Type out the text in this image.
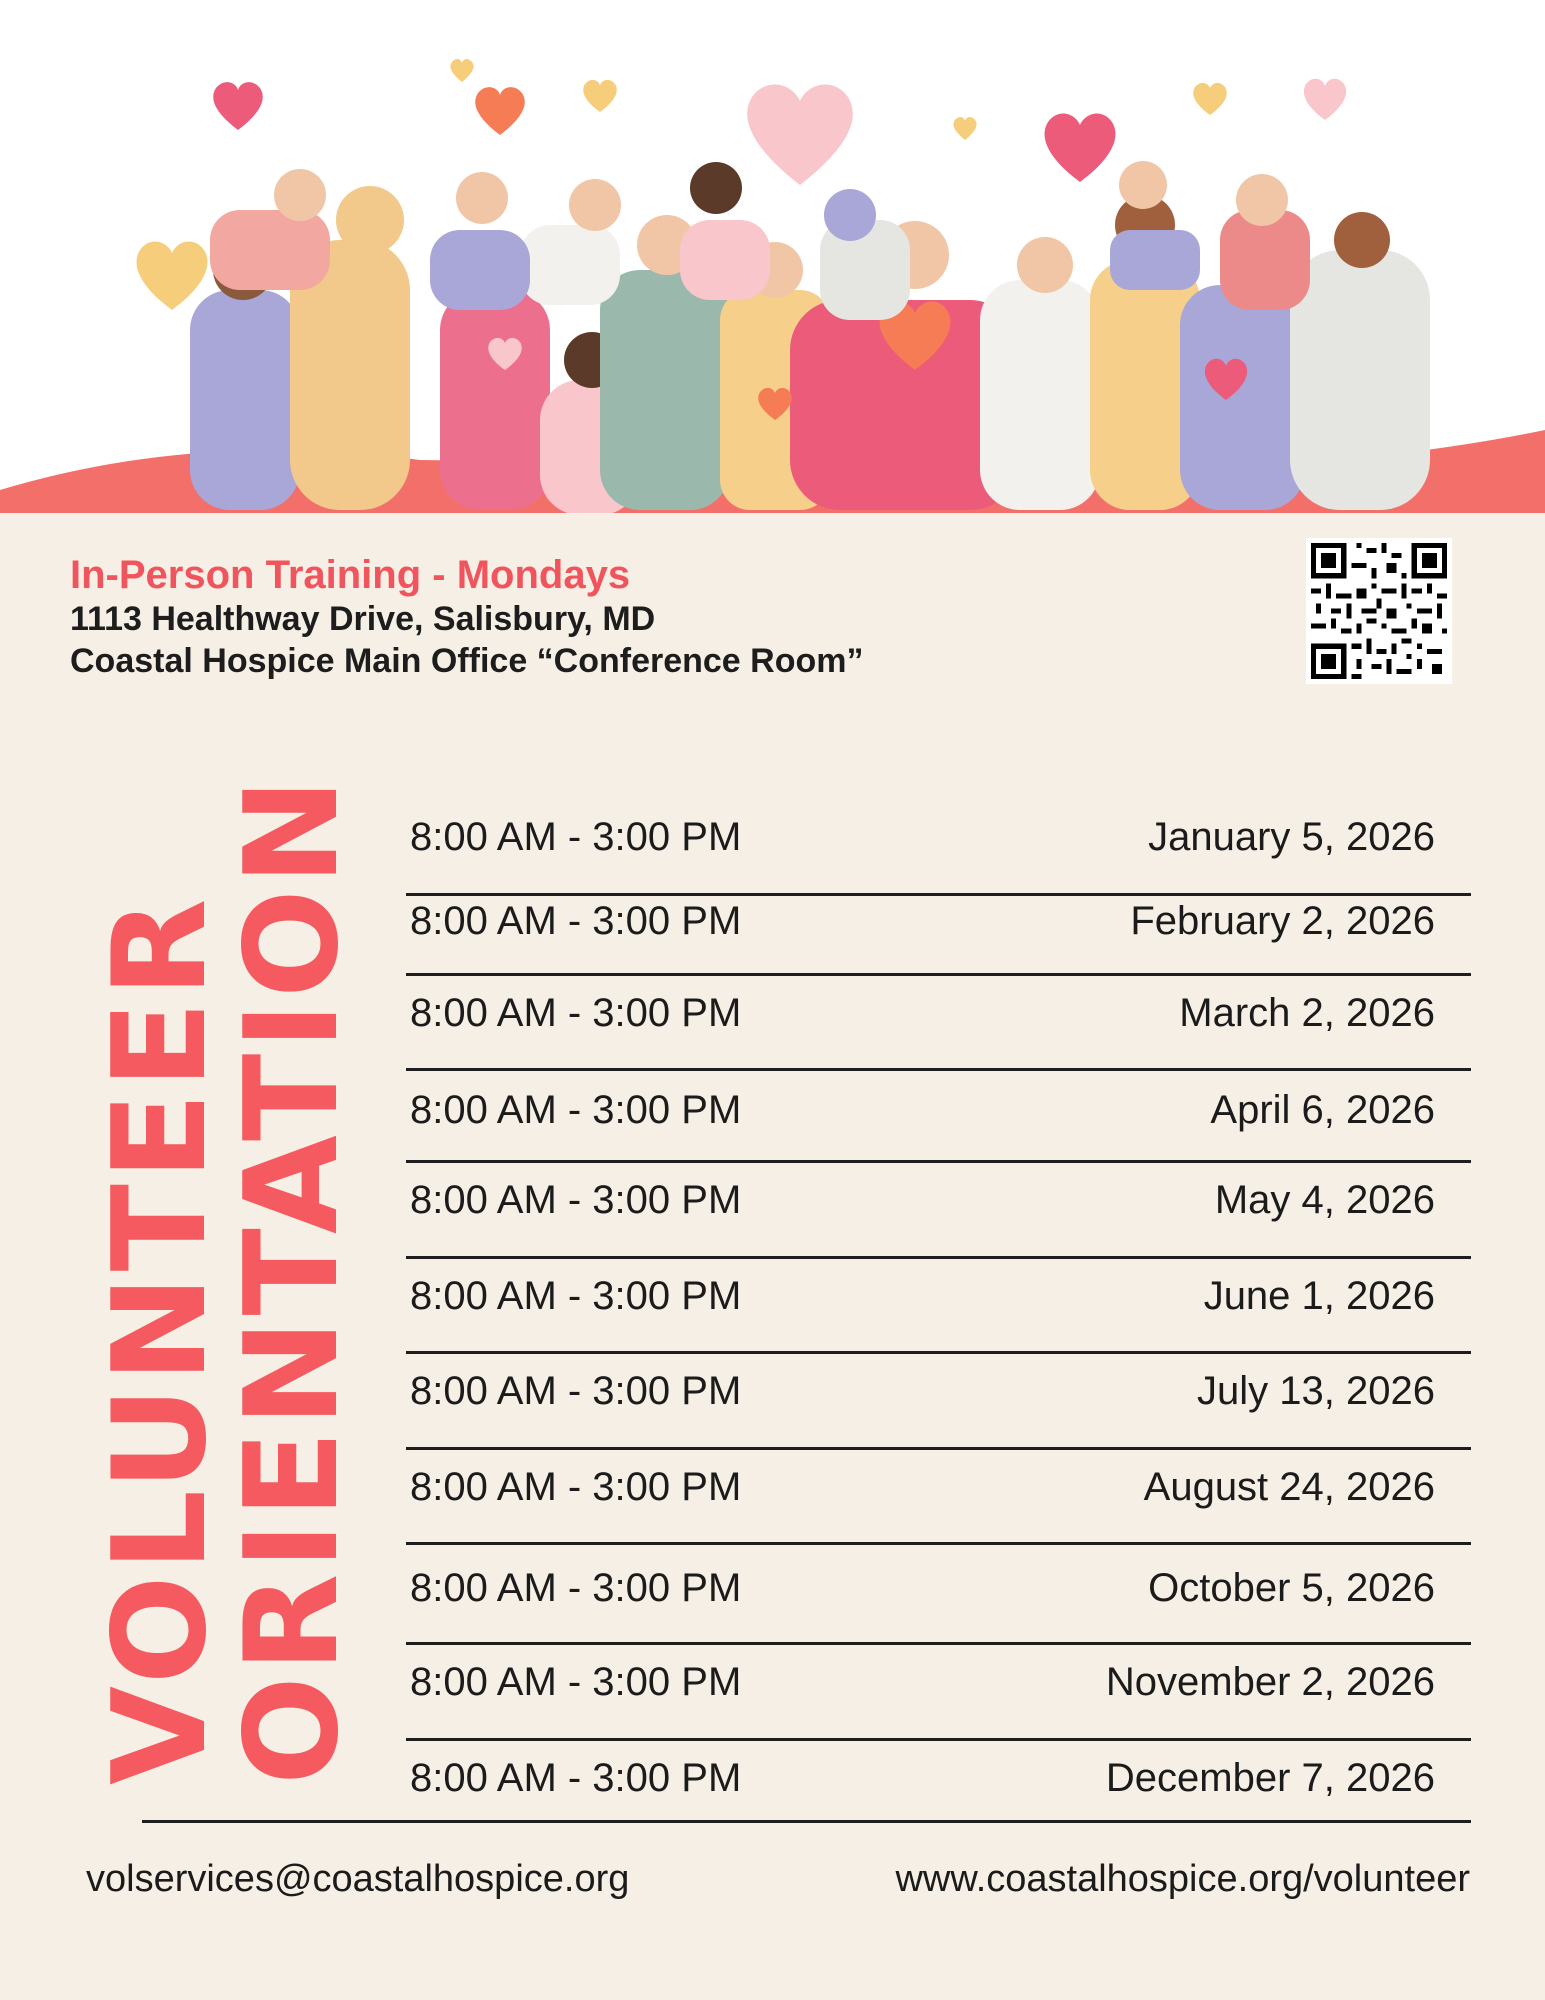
In-Person Training - Mondays

1113 Healthway Drive, Salisbury, MD

Coastal Hospice Main Office “Conference Room”

VOLUNTEER
ORIENTATION 8:00 AM - 3:00 PM	January 5, 2026
8:00 AM - 3:00 PM	February 2, 2026
8:00 AM - 3:00 PM	March 2, 2026
8:00 AM - 3:00 PM	April 6, 2026
8:00 AM - 3:00 PM	May 4, 2026
8:00 AM - 3:00 PM	June 1, 2026
8:00 AM - 3:00 PM	July 13, 2026
8:00 AM - 3:00 PM	August 24, 2026
8:00 AM - 3:00 PM	October 5, 2026
8:00 AM - 3:00 PM	November 2, 2026
8:00 AM - 3:00 PM	December 7, 2026
volservices@coastalhospice.org	www.coastalhospice.org/volunteer
